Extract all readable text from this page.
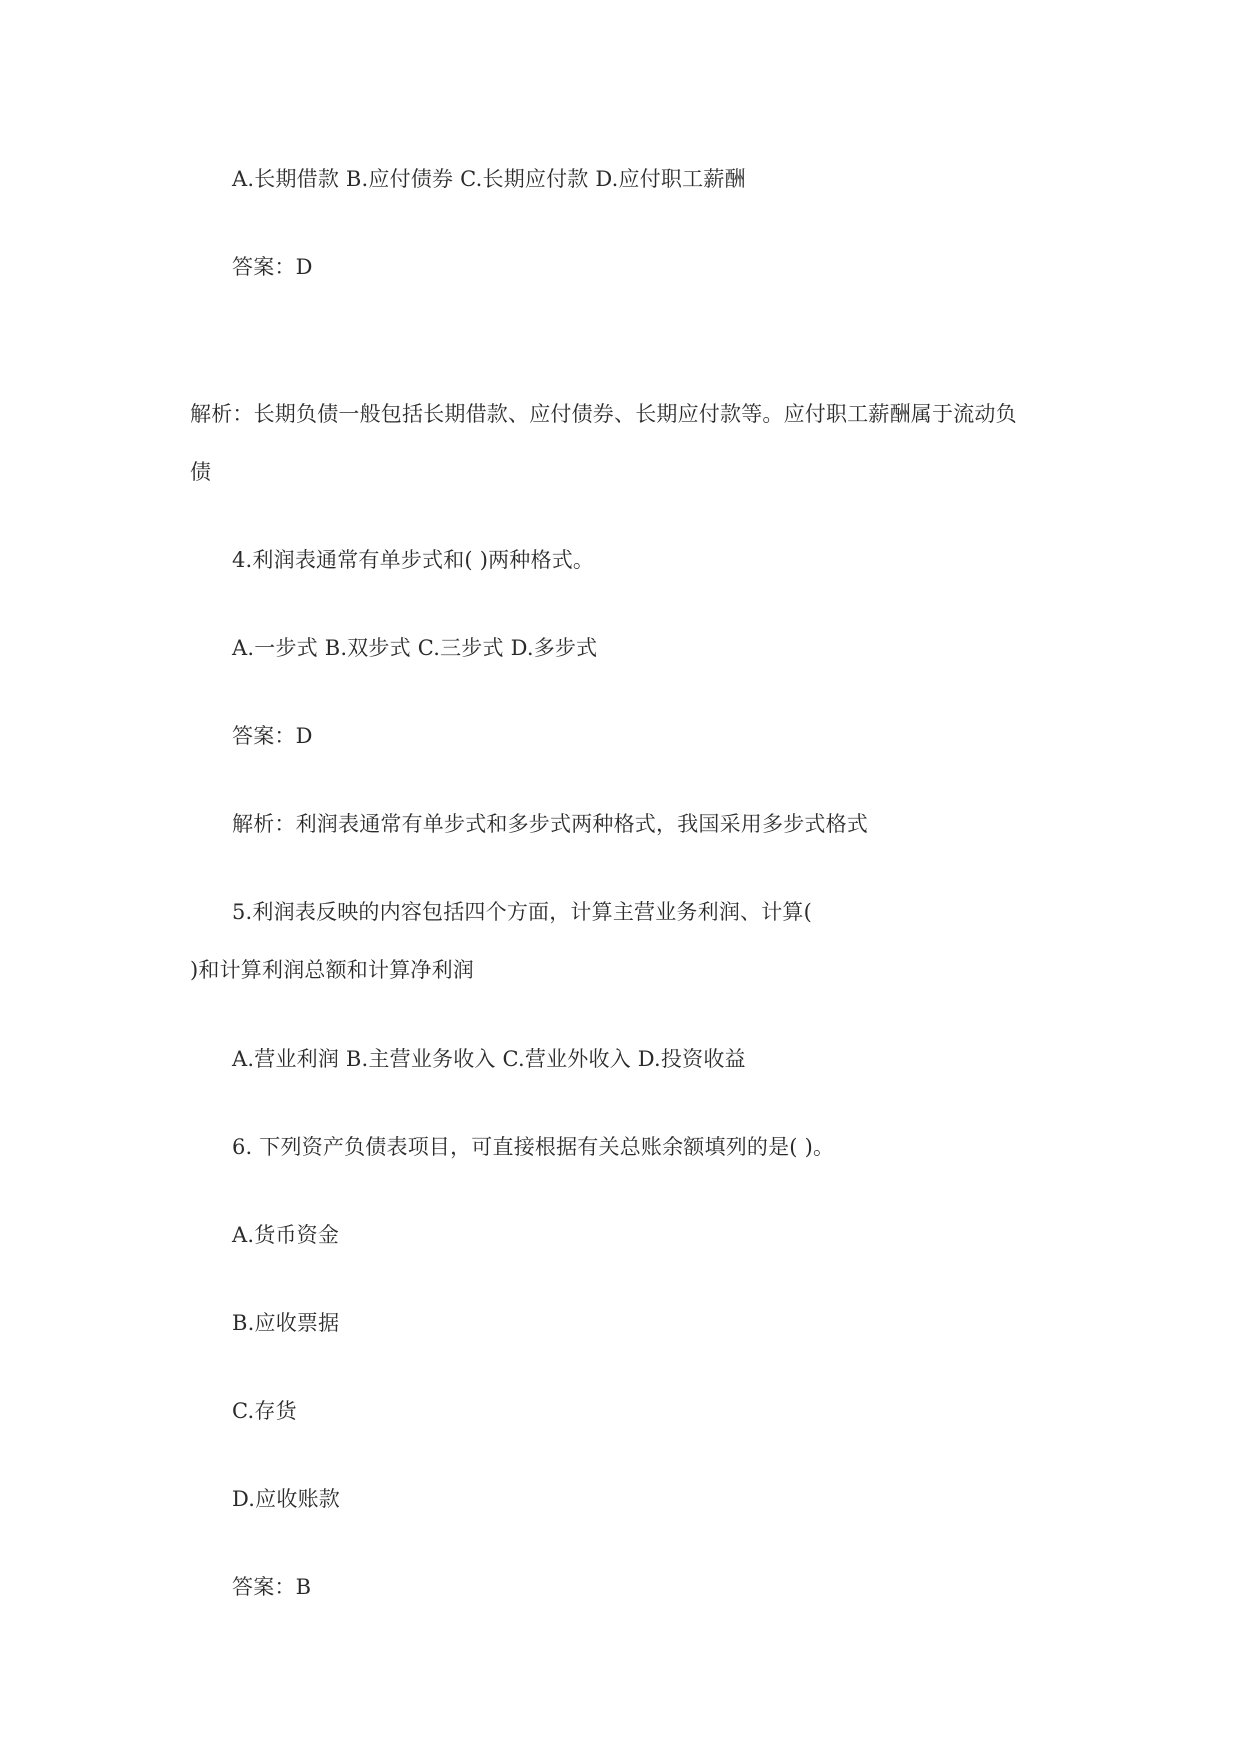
A.长期借款 B.应付债券 C.长期应付款 D.应付职工薪酬
答案：D
解析：长期负债一般包括长期借款、应付债券、长期应付款等。应付职工薪酬属于流动负
债
4.利润表通常有单步式和( )两种格式。
A.一步式 B.双步式 C.三步式 D.多步式
答案：D
解析：利润表通常有单步式和多步式两种格式，我国采用多步式格式
5.利润表反映的内容包括四个方面，计算主营业务利润、计算(
)和计算利润总额和计算净利润
A.营业利润 B.主营业务收入 C.营业外收入 D.投资收益
6. 下列资产负债表项目，可直接根据有关总账余额填列的是( )。
A.货币资金
B.应收票据
C.存货
D.应收账款
答案：B
